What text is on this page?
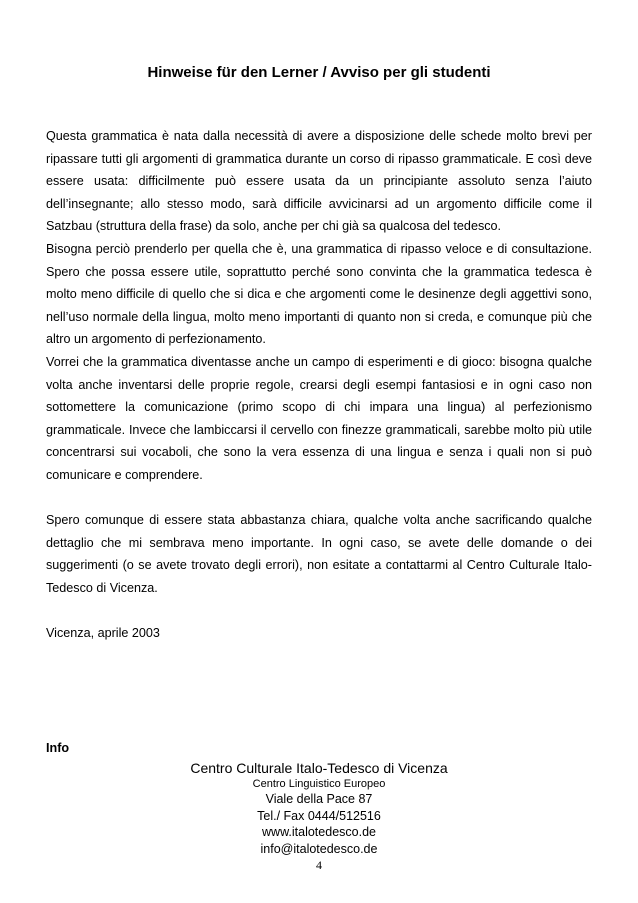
Hinweise für den Lerner / Avviso per gli studenti

Questa grammatica è nata dalla necessità di avere a disposizione delle schede molto brevi per ripassare tutti gli argomenti di grammatica durante un corso di ripasso grammaticale. E così deve essere usata: difficilmente può essere usata da un principiante assoluto senza l’aiuto dell’insegnante; allo stesso modo, sarà difficile avvicinarsi ad un argomento difficile come il Satzbau (struttura della frase) da solo, anche per chi già sa qualcosa del tedesco.

Bisogna perciò prenderlo per quella che è, una grammatica di ripasso veloce e di consultazione. Spero che possa essere utile, soprattutto perché sono convinta che la grammatica tedesca è molto meno difficile di quello che si dica e che argomenti come le desinenze degli aggettivi sono, nell’uso normale della lingua, molto meno importanti di quanto non si creda, e comunque più che altro un argomento di perfezionamento.

Vorrei che la grammatica diventasse anche un campo di esperimenti e di gioco: bisogna qualche volta anche inventarsi delle proprie regole, crearsi degli esempi fantasiosi e in ogni caso non sottomettere la comunicazione (primo scopo di chi impara una lingua) al perfezionismo grammaticale. Invece che lambiccarsi il cervello con finezze grammaticali, sarebbe molto più utile concentrarsi sui vocaboli, che sono la vera essenza di una lingua e senza i quali non si può comunicare e comprendere.

Spero comunque di essere stata abbastanza chiara, qualche volta anche sacrificando qualche dettaglio che mi sembrava meno importante. In ogni caso, se avete delle domande o dei suggerimenti (o se avete trovato degli errori), non esitate a contattarmi al Centro Culturale Italo-Tedesco di Vicenza.

Vicenza, aprile 2003

Info
Centro Culturale Italo-Tedesco di Vicenza
Centro Linguistico Europeo
Viale della Pace 87
Tel./ Fax 0444/512516
www.italotedesco.de
info@italotedesco.de
4
